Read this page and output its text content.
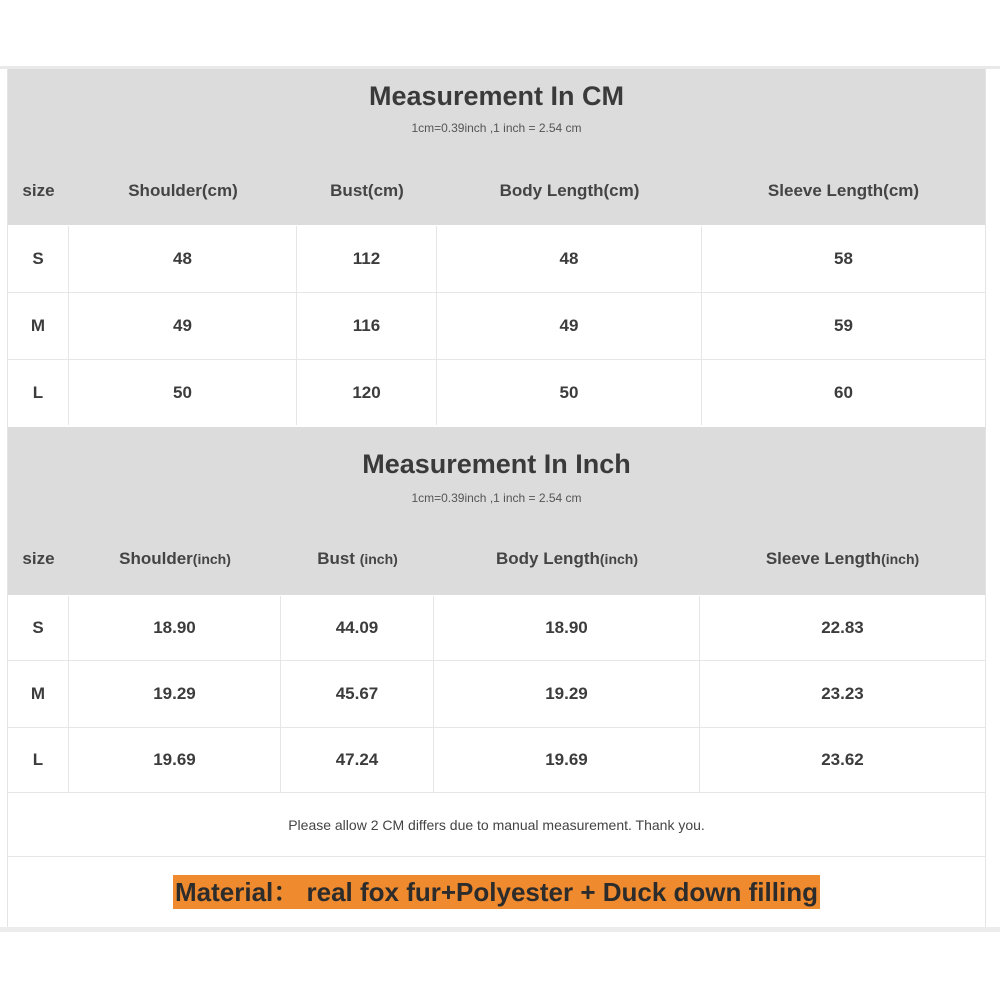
Measurement In CM
1cm=0.39inch ,1 inch = 2.54 cm
size	Shoulder(cm)	Bust(cm)	Body Length(cm)	Sleeve Length(cm)
S	48	112	48	58
M	49	116	49	59
L	50	120	50	60
Measurement In Inch
1cm=0.39inch ,1 inch = 2.54 cm
size	Shoulder(inch)	Bust (inch)	Body Length(inch)	Sleeve Length(inch)
S	18.90	44.09	18.90	22.83
M	19.29	45.67	19.29	23.23
L	19.69	47.24	19.69	23.62
Please allow 2 CM differs due to manual measurement. Thank you.
Material： real fox fur+Polyester + Duck down filling
